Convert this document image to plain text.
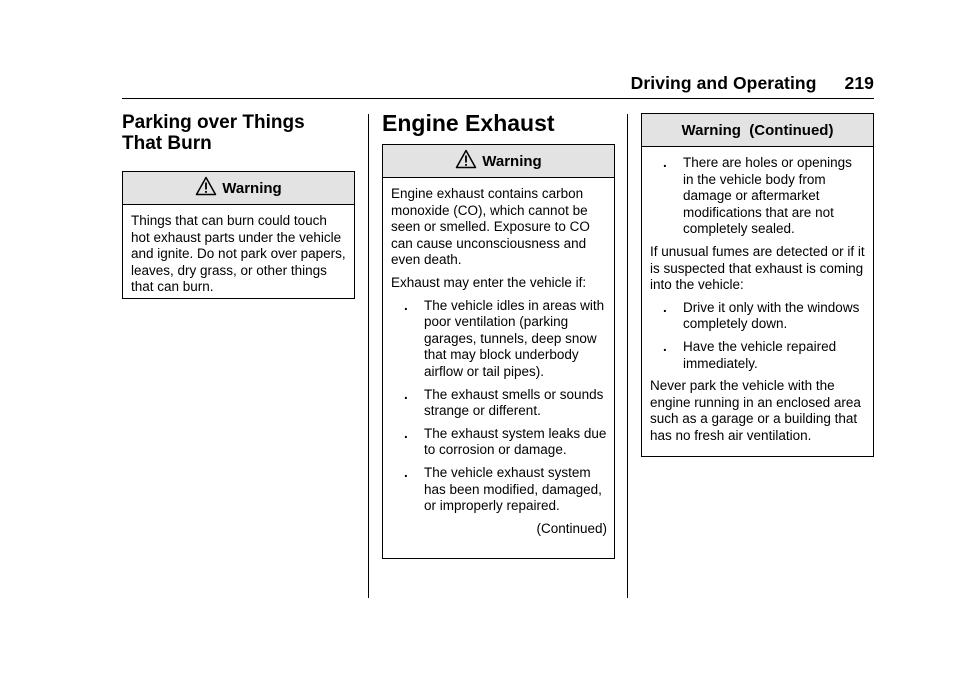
Driving and Operating 219
Parking over Things
That Burn
Warning

Things that can burn could touch hot exhaust parts under the vehicle and ignite. Do not park over papers, leaves, dry grass, or other things that can burn.

Engine Exhaust
Warning

Engine exhaust contains carbon monoxide (CO), which cannot be seen or smelled. Exposure to CO can cause unconsciousness and even death.

Exhaust may enter the vehicle if:

. The vehicle idles in areas with poor ventilation (parking garages, tunnels, deep snow that may block underbody airflow or tail pipes).
. The exhaust smells or sounds strange or different.
. The exhaust system leaks due to corrosion or damage.
. The vehicle exhaust system has been modified, damaged, or improperly repaired.
(Continued)
Warning  (Continued)
. There are holes or openings in the vehicle body from damage or aftermarket modifications that are not completely sealed.

If unusual fumes are detected or if it is suspected that exhaust is coming into the vehicle:

. Drive it only with the windows completely down.
. Have the vehicle repaired immediately.

Never park the vehicle with the engine running in an enclosed area such as a garage or a building that has no fresh air ventilation.
